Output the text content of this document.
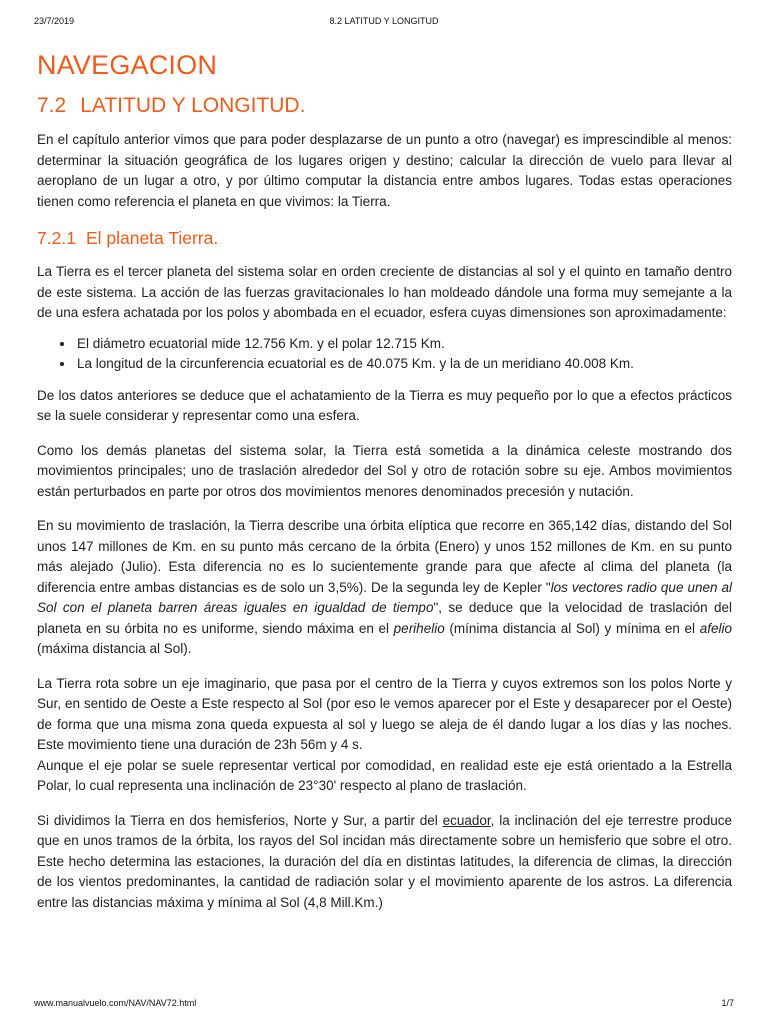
23/7/2019	8.2 LATITUD Y LONGITUD
NAVEGACION
7.2 LATITUD Y LONGITUD.

En el capítulo anterior vimos que para poder desplazarse de un punto a otro (navegar) es imprescindible al menos: determinar la situación geográfica de los lugares origen y destino; calcular la dirección de vuelo para llevar al aeroplano de un lugar a otro, y por último computar la distancia entre ambos lugares. Todas estas operaciones tienen como referencia el planeta en que vivimos: la Tierra.

7.2.1 El planeta Tierra.

La Tierra es el tercer planeta del sistema solar en orden creciente de distancias al sol y el quinto en tamaño dentro de este sistema. La acción de las fuerzas gravitacionales lo han moldeado dándole una forma muy semejante a la de una esfera achatada por los polos y abombada en el ecuador, esfera cuyas dimensiones son aproximadamente:

• El diámetro ecuatorial mide 12.756 Km. y el polar 12.715 Km.
• La longitud de la circunferencia ecuatorial es de 40.075 Km. y la de un meridiano 40.008 Km.

De los datos anteriores se deduce que el achatamiento de la Tierra es muy pequeño por lo que a efectos prácticos se la suele considerar y representar como una esfera.

Como los demás planetas del sistema solar, la Tierra está sometida a la dinámica celeste mostrando dos movimientos principales; uno de traslación alrededor del Sol y otro de rotación sobre su eje. Ambos movimientos están perturbados en parte por otros dos movimientos menores denominados precesión y nutación.

En su movimiento de traslación, la Tierra describe una órbita elíptica que recorre en 365,142 días, distando del Sol unos 147 millones de Km. en su punto más cercano de la órbita (Enero) y unos 152 millones de Km. en su punto más alejado (Julio). Esta diferencia no es lo sucientemente grande para que afecte al clima del planeta (la diferencia entre ambas distancias es de solo un 3,5%). De la segunda ley de Kepler "los vectores radio que unen al Sol con el planeta barren áreas iguales en igualdad de tiempo", se deduce que la velocidad de traslación del planeta en su órbita no es uniforme, siendo máxima en el perihelio (mínima distancia al Sol) y mínima en el afelio (máxima distancia al Sol).

La Tierra rota sobre un eje imaginario, que pasa por el centro de la Tierra y cuyos extremos son los polos Norte y Sur, en sentido de Oeste a Este respecto al Sol (por eso le vemos aparecer por el Este y desaparecer por el Oeste) de forma que una misma zona queda expuesta al sol y luego se aleja de él dando lugar a los días y las noches. Este movimiento tiene una duración de 23h 56m y 4 s.

Aunque el eje polar se suele representar vertical por comodidad, en realidad este eje está orientado a la Estrella Polar, lo cual representa una inclinación de 23°30' respecto al plano de traslación.

Si dividimos la Tierra en dos hemisferios, Norte y Sur, a partir del ecuador, la inclinación del eje terrestre produce que en unos tramos de la órbita, los rayos del Sol incidan más directamente sobre un hemisferio que sobre el otro. Este hecho determina las estaciones, la duración del día en distintas latitudes, la diferencia de climas, la dirección de los vientos predominantes, la cantidad de radiación solar y el movimiento aparente de los astros. La diferencia entre las distancias máxima y mínima al Sol (4,8 Mill.Km.)

www.manualvuelo.com/NAV/NAV72.html	1/7
